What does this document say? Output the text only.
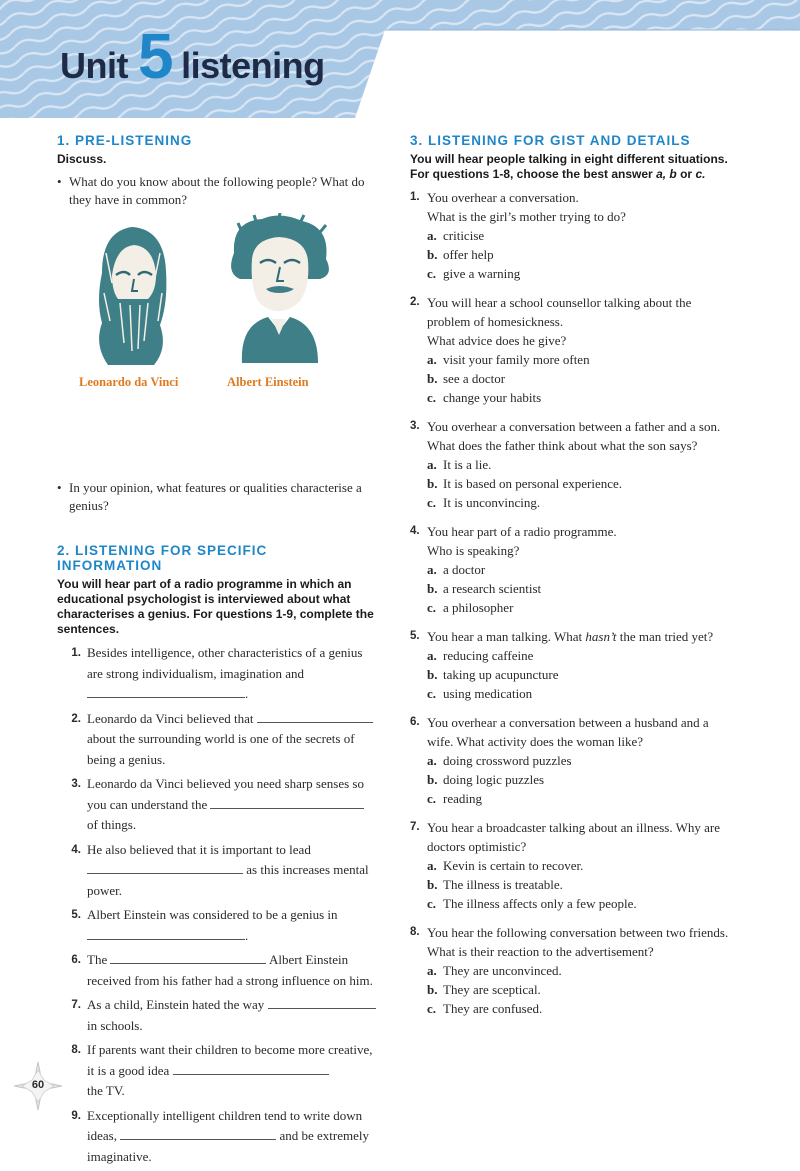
Unit 5 listening
1. PRE-LISTENING
Discuss.
• What do you know about the following people? What do they have in common?
Leonardo da Vinci	Albert Einstein
• In your opinion, what features or qualities characterise a genius?
2. LISTENING FOR SPECIFIC INFORMATION
You will hear part of a radio programme in which an educational psychologist is interviewed about what characterises a genius. For questions 1-9, complete the sentences.
1. Besides intelligence, other characteristics of a genius are strong individualism, imagination and
.
2. Leonardo da Vinci believed that  about the surrounding world is one of the secrets of being a genius.
3. Leonardo da Vinci believed you need sharp senses so you can understand the  of things.
4. He also believed that it is important to lead
as this increases mental power.
5. Albert Einstein was considered to be a genius in
.
6. The	Albert Einstein received from his father had a strong influence on him.
7. As a child, Einstein hated the way
in schools.
8. If parents want their children to become more creative, it is a good idea
the TV.
9. Exceptionally intelligent children tend to write down ideas,	and be extremely imaginative.
3. LISTENING FOR GIST AND DETAILS
You will hear people talking in eight different situations. For questions 1-8, choose the best answer a, b or c.
1. You overhear a conversation.
What is the girl’s mother trying to do?
a. criticise
b. offer help
c. give a warning
2. You will hear a school counsellor talking about the problem of homesickness.
What advice does he give?
a. visit your family more often
b. see a doctor
c. change your habits
3. You overhear a conversation between a father and a son.
What does the father think about what the son says?
a. It is a lie.
b. It is based on personal experience.
c. It is unconvincing.
4. You hear part of a radio programme.
Who is speaking?
a. a doctor
b. a research scientist
c. a philosopher
5. You hear a man talking. What hasn’t the man tried yet?
a. reducing caffeine
b. taking up acupuncture
c. using medication
6. You overhear a conversation between a husband and a wife. What activity does the woman like?
a. doing crossword puzzles
b. doing logic puzzles
c. reading
7. You hear a broadcaster talking about an illness. Why are doctors optimistic?
a. Kevin is certain to recover.
b. The illness is treatable.
c. The illness affects only a few people.
8. You hear the following conversation between two friends. What is their reaction to the advertisement?
a. They are unconvinced.
b. They are sceptical.
c. They are confused.
60
